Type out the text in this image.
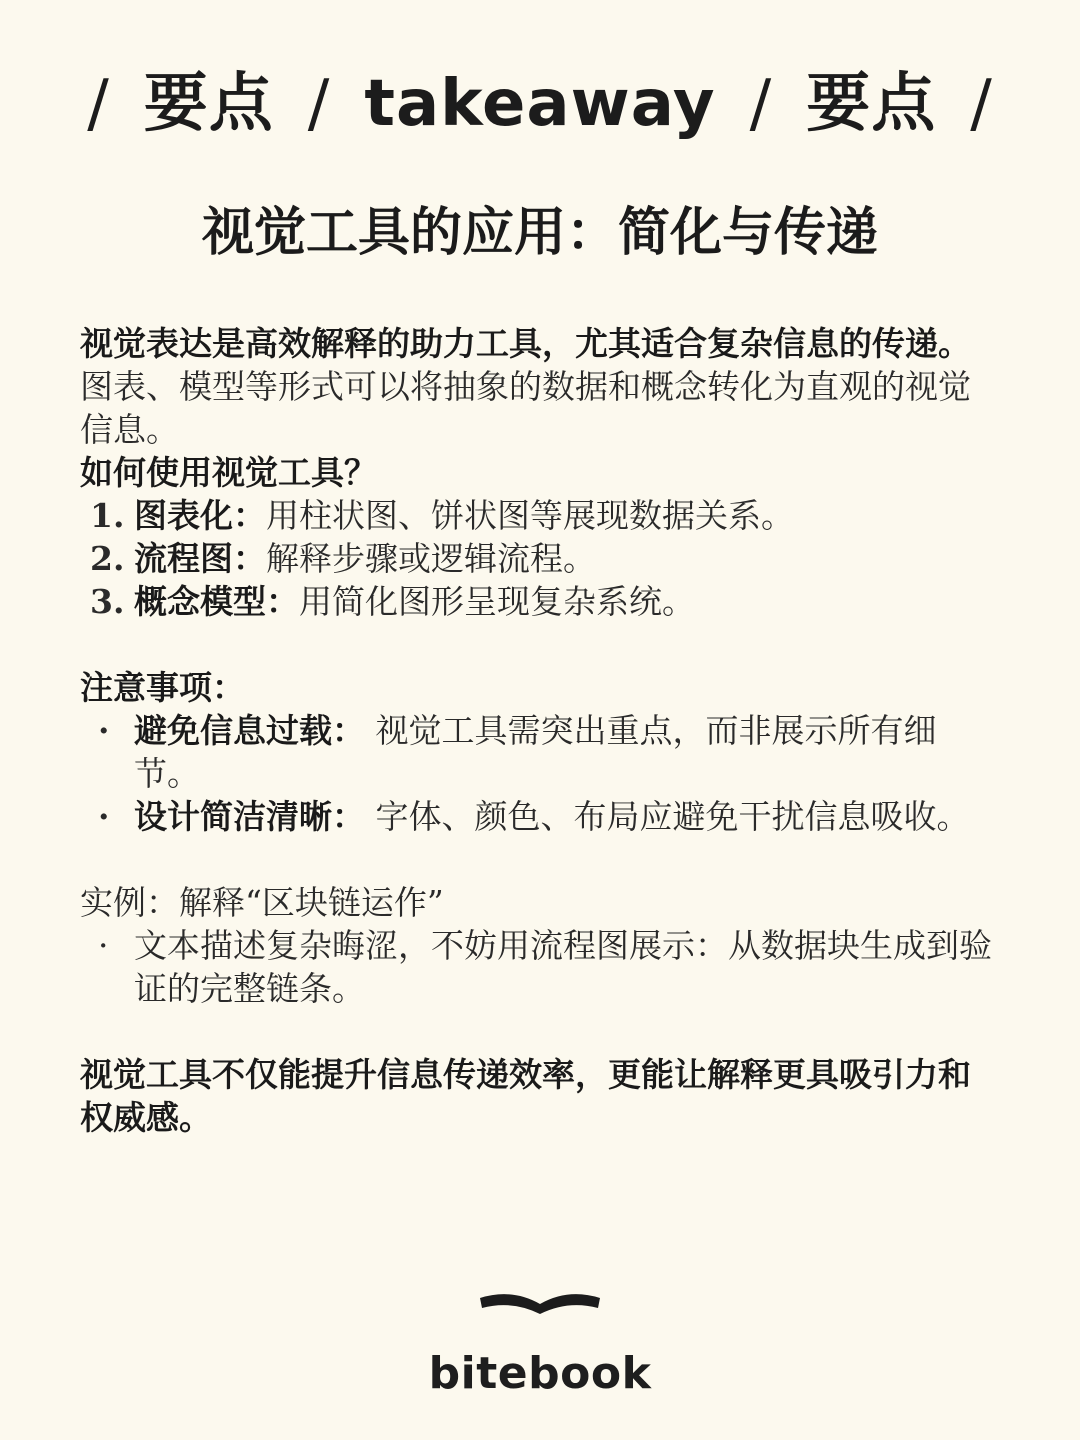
/ 要点 / takeaway / 要点 /
视觉工具的应用：简化与传递

视觉表达是高效解释的助力工具，尤其适合复杂信息的传递。 图表、模型等形式可以将抽象的数据和概念转化为直观的视觉信息。

如何使用视觉工具？

1. 图表化：用柱状图、饼状图等展现数据关系。
2. 流程图：解释步骤或逻辑流程。
3. 概念模型：用简化图形呈现复杂系统。

注意事项：

· 避免信息过载： 视觉工具需突出重点，而非展示所有细节。
· 设计简洁清晰： 字体、颜色、布局应避免干扰信息吸收。

实例：解释“区块链运作”

· 文本描述复杂晦涩，不妨用流程图展示：从数据块生成到验证的完整链条。

视觉工具不仅能提升信息传递效率，更能让解释更具吸引力和权威感。

bitebook
